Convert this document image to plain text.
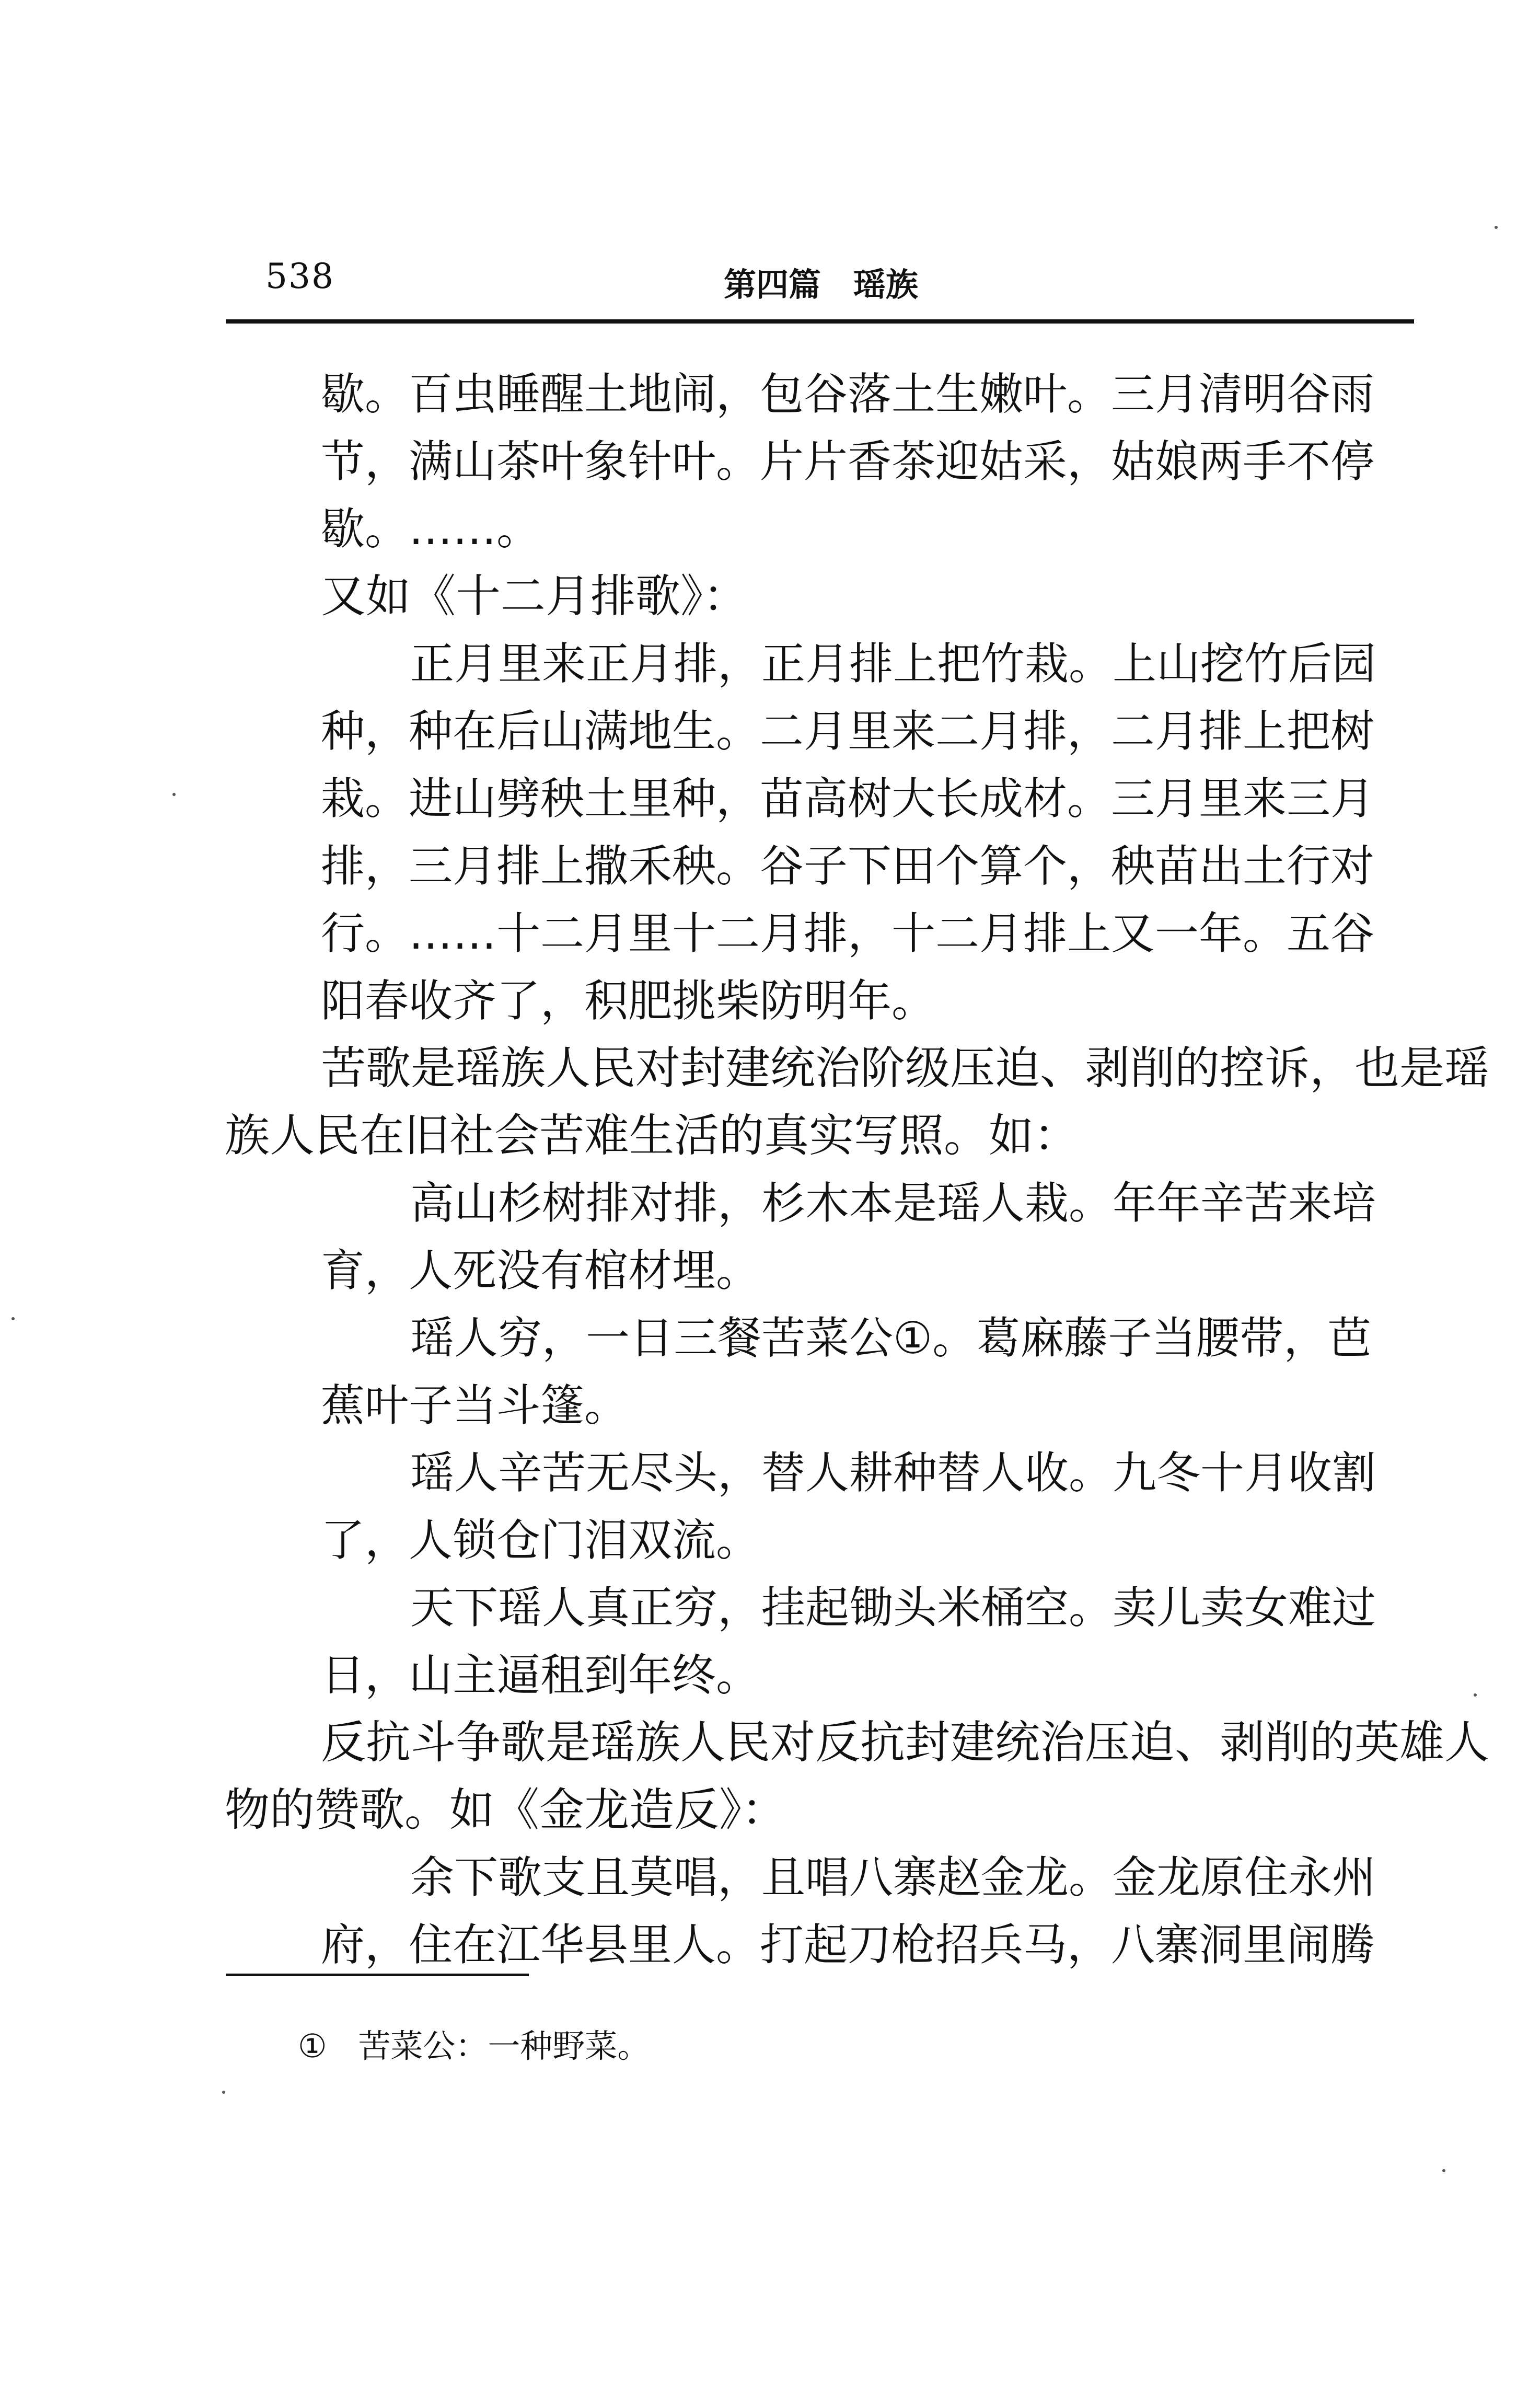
538	第四篇　瑶族
歇。百虫睡醒土地闹，包谷落土生嫩叶。三月清明谷雨
节，满山茶叶象针叶。片片香茶迎姑采，姑娘两手不停
歇。……。
又如《十二月排歌》：
正月里来正月排，正月排上把竹栽。上山挖竹后园
种，种在后山满地生。二月里来二月排，二月排上把树
栽。进山劈秧土里种，苗高树大长成材。三月里来三月
排，三月排上撒禾秧。谷子下田个算个，秧苗出土行对
行。……十二月里十二月排，十二月排上又一年。五谷
阳春收齐了，积肥挑柴防明年。
苦歌是瑶族人民对封建统治阶级压迫、剥削的控诉，也是瑶
族人民在旧社会苦难生活的真实写照。如：
高山杉树排对排，杉木本是瑶人栽。年年辛苦来培
育，人死没有棺材埋。
瑶人穷，一日三餐苦菜公①。葛麻藤子当腰带，芭
蕉叶子当斗篷。
瑶人辛苦无尽头，替人耕种替人收。九冬十月收割
了，人锁仓门泪双流。
天下瑶人真正穷，挂起锄头米桶空。卖儿卖女难过
日，山主逼租到年终。
反抗斗争歌是瑶族人民对反抗封建统治压迫、剥削的英雄人
物的赞歌。如《金龙造反》：
余下歌支且莫唱，且唱八寨赵金龙。金龙原住永州
府，住在江华县里人。打起刀枪招兵马，八寨洞里闹腾
① 苦菜公：一种野菜。
